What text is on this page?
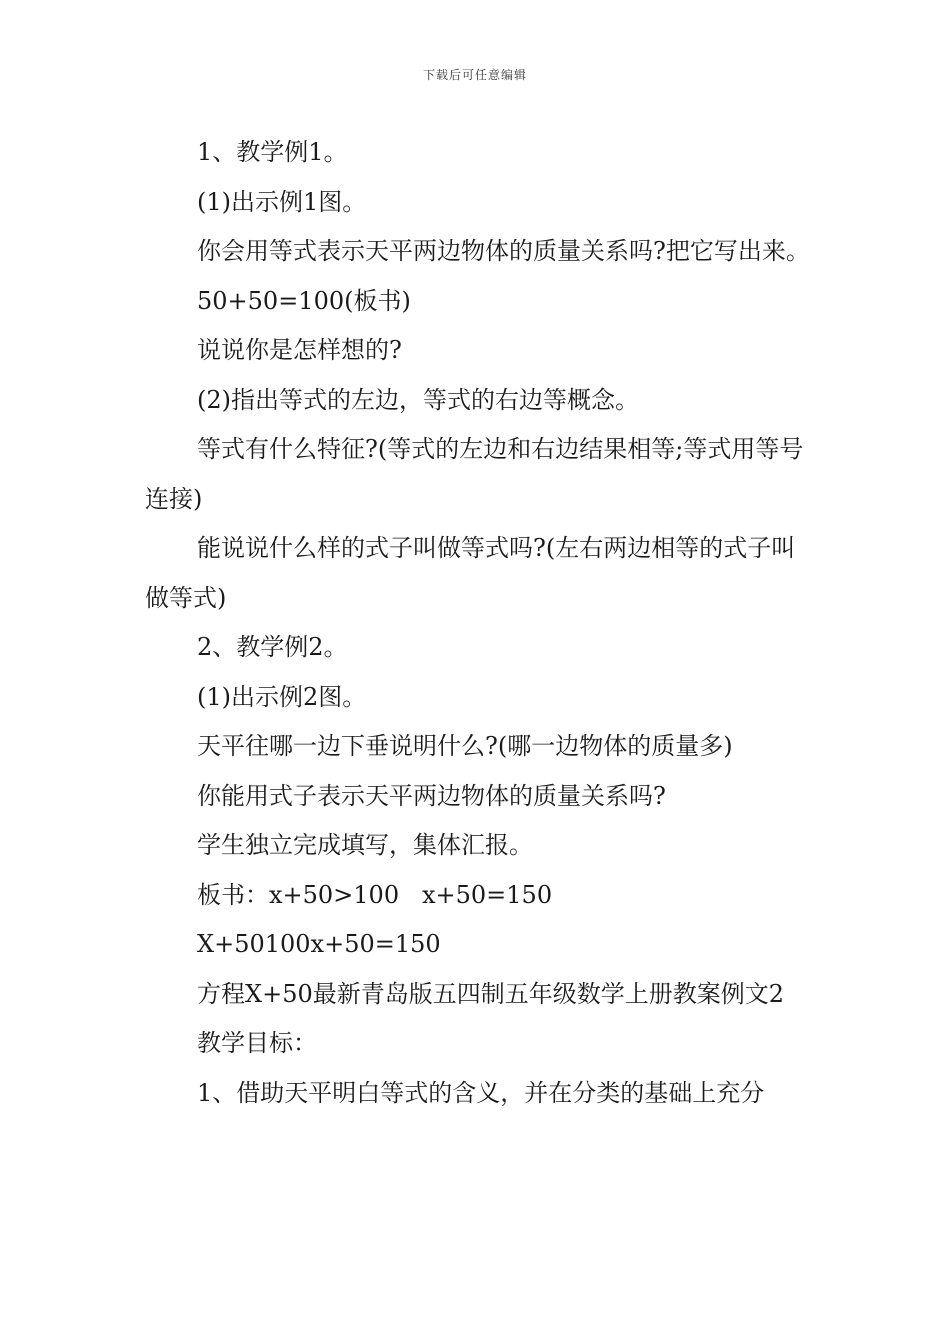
下载后可任意编辑

1、教学例1。

(1)出示例1图。

你会用等式表示天平两边物体的质量关系吗?把它写出来。

50+50=100(板书)

说说你是怎样想的?

(2)指出等式的左边，等式的右边等概念。

等式有什么特征?(等式的左边和右边结果相等;等式用等号连接)

能说说什么样的式子叫做等式吗?(左右两边相等的式子叫做等式)

2、教学例2。

(1)出示例2图。

天平往哪一边下垂说明什么?(哪一边物体的质量多)

你能用式子表示天平两边物体的质量关系吗?

学生独立完成填写，集体汇报。

板书：x+50>100   x+50=150

X+50100x+50=150

方程X+50最新青岛版五四制五年级数学上册教案例文2

教学目标：

1、借助天平明白等式的含义，并在分类的基础上充分
